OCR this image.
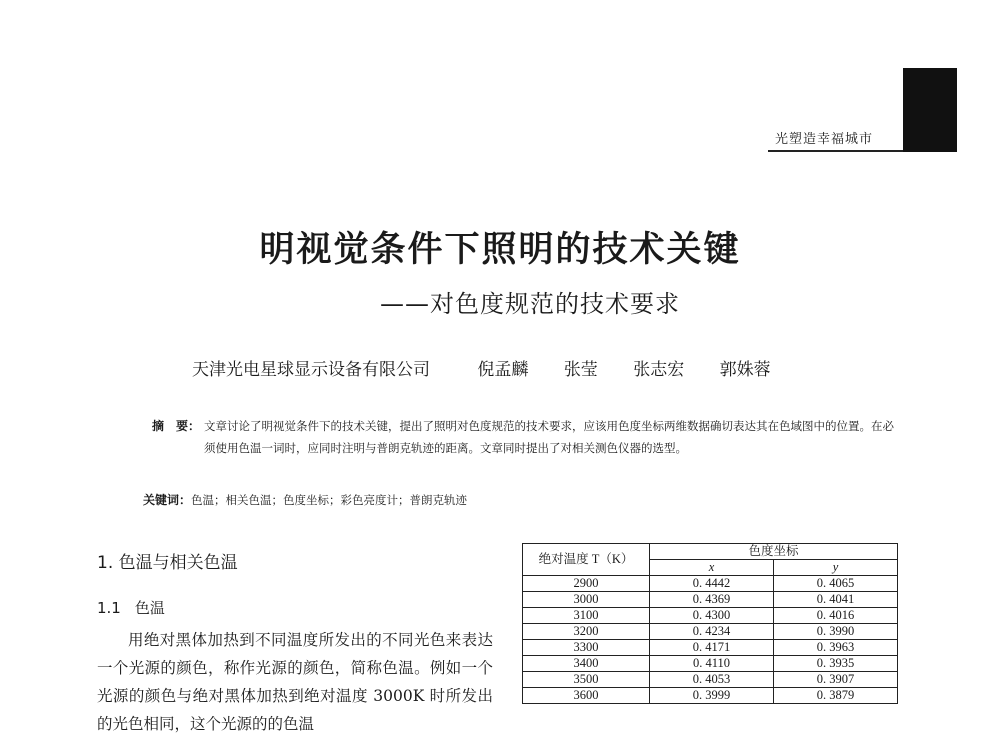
光塑造幸福城市
明视觉条件下照明的技术关键
——对色度规范的技术要求
天津光电星球显示设备有限公司	倪孟麟 张莹 张志宏 郭姝蓉
摘　要： 文章讨论了明视觉条件下的技术关键，提出了照明对色度规范的技术要求，应该用色度坐标两维数据确切表达其在色域图中的位置。在必须使用色温一词时，应同时注明与普朗克轨迹的距离。文章同时提出了对相关测色仪器的选型。
关键词：色温；相关色温；色度坐标；彩色亮度计；普朗克轨迹
1. 色温与相关色温
1.1 色温

用绝对黑体加热到不同温度所发出的不同光色来表达一个光源的颜色，称作光源的颜色，简称色温。例如一个光源的颜色与绝对黑体加热到绝对温度 3000K 时所发出的光色相同，这个光源的的色温

绝对温度 T（K）	色度坐标	
	x	y
2900	0. 4442	0. 4065
3000	0. 4369	0. 4041
3100	0. 4300	0. 4016
3200	0. 4234	0. 3990
3300	0. 4171	0. 3963
3400	0. 4110	0. 3935
3500	0. 4053	0. 3907
3600	0. 3999	0. 3879
